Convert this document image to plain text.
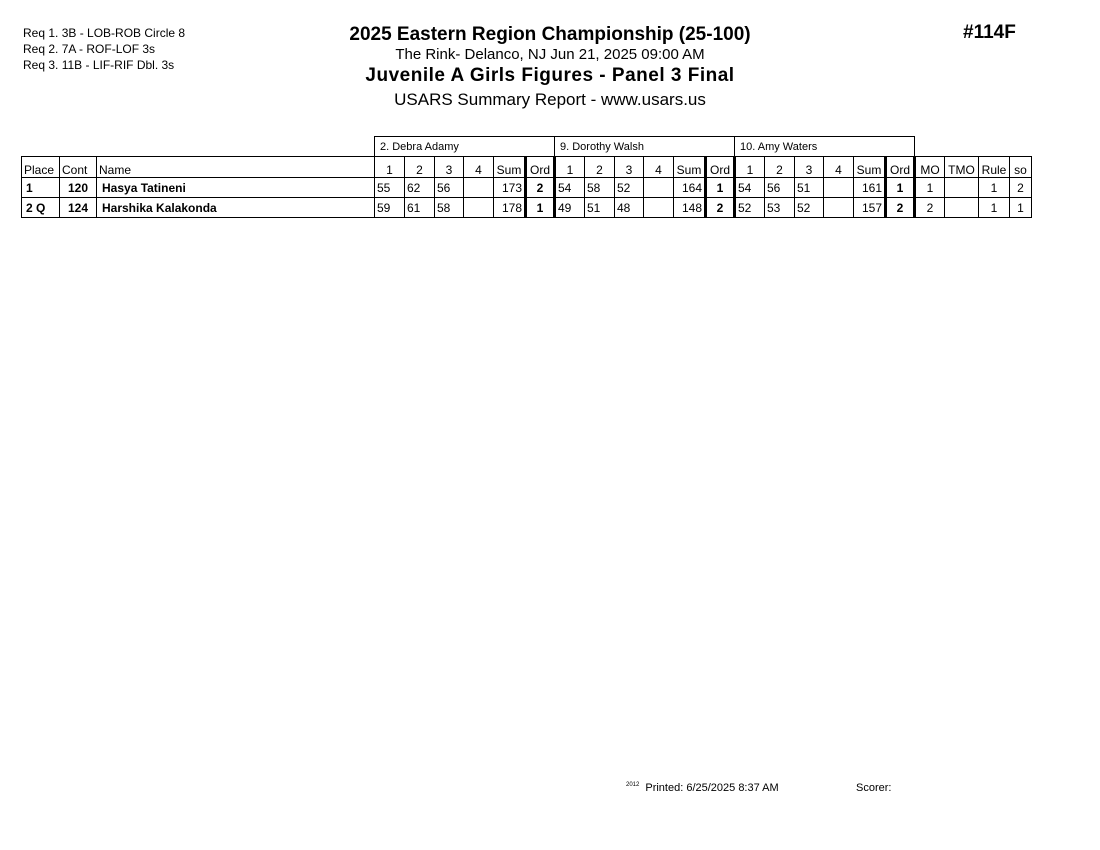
Req 1. 3B - LOB-ROB Circle 8
Req 2. 7A - ROF-LOF 3s
Req 3. 11B - LIF-RIF Dbl. 3s
2025 Eastern Region Championship (25-100)
The Rink- Delanco, NJ Jun 21, 2025 09:00 AM
Juvenile A Girls Figures - Panel 3 Final
USARS Summary Report - www.usars.us
#114F
			2. Debra Adamy						9. Dorothy Walsh						10. Amy Waters									
Place	Cont	Name	1	2	3	4	Sum	Ord	1	2	3	4	Sum	Ord	1	2	3	4	Sum	Ord	MO	TMO	Rule	so
1	120	Hasya Tatineni	55	62	56		173	2	54	58	52		164	1	54	56	51		161	1	1		1	2
2 Q	124	Harshika Kalakonda	59	61	58		178	1	49	51	48		148	2	52	53	52		157	2	2		1	1
$^{2012}$ Printed: 6/25/2025 8:37 AM	Scorer:
